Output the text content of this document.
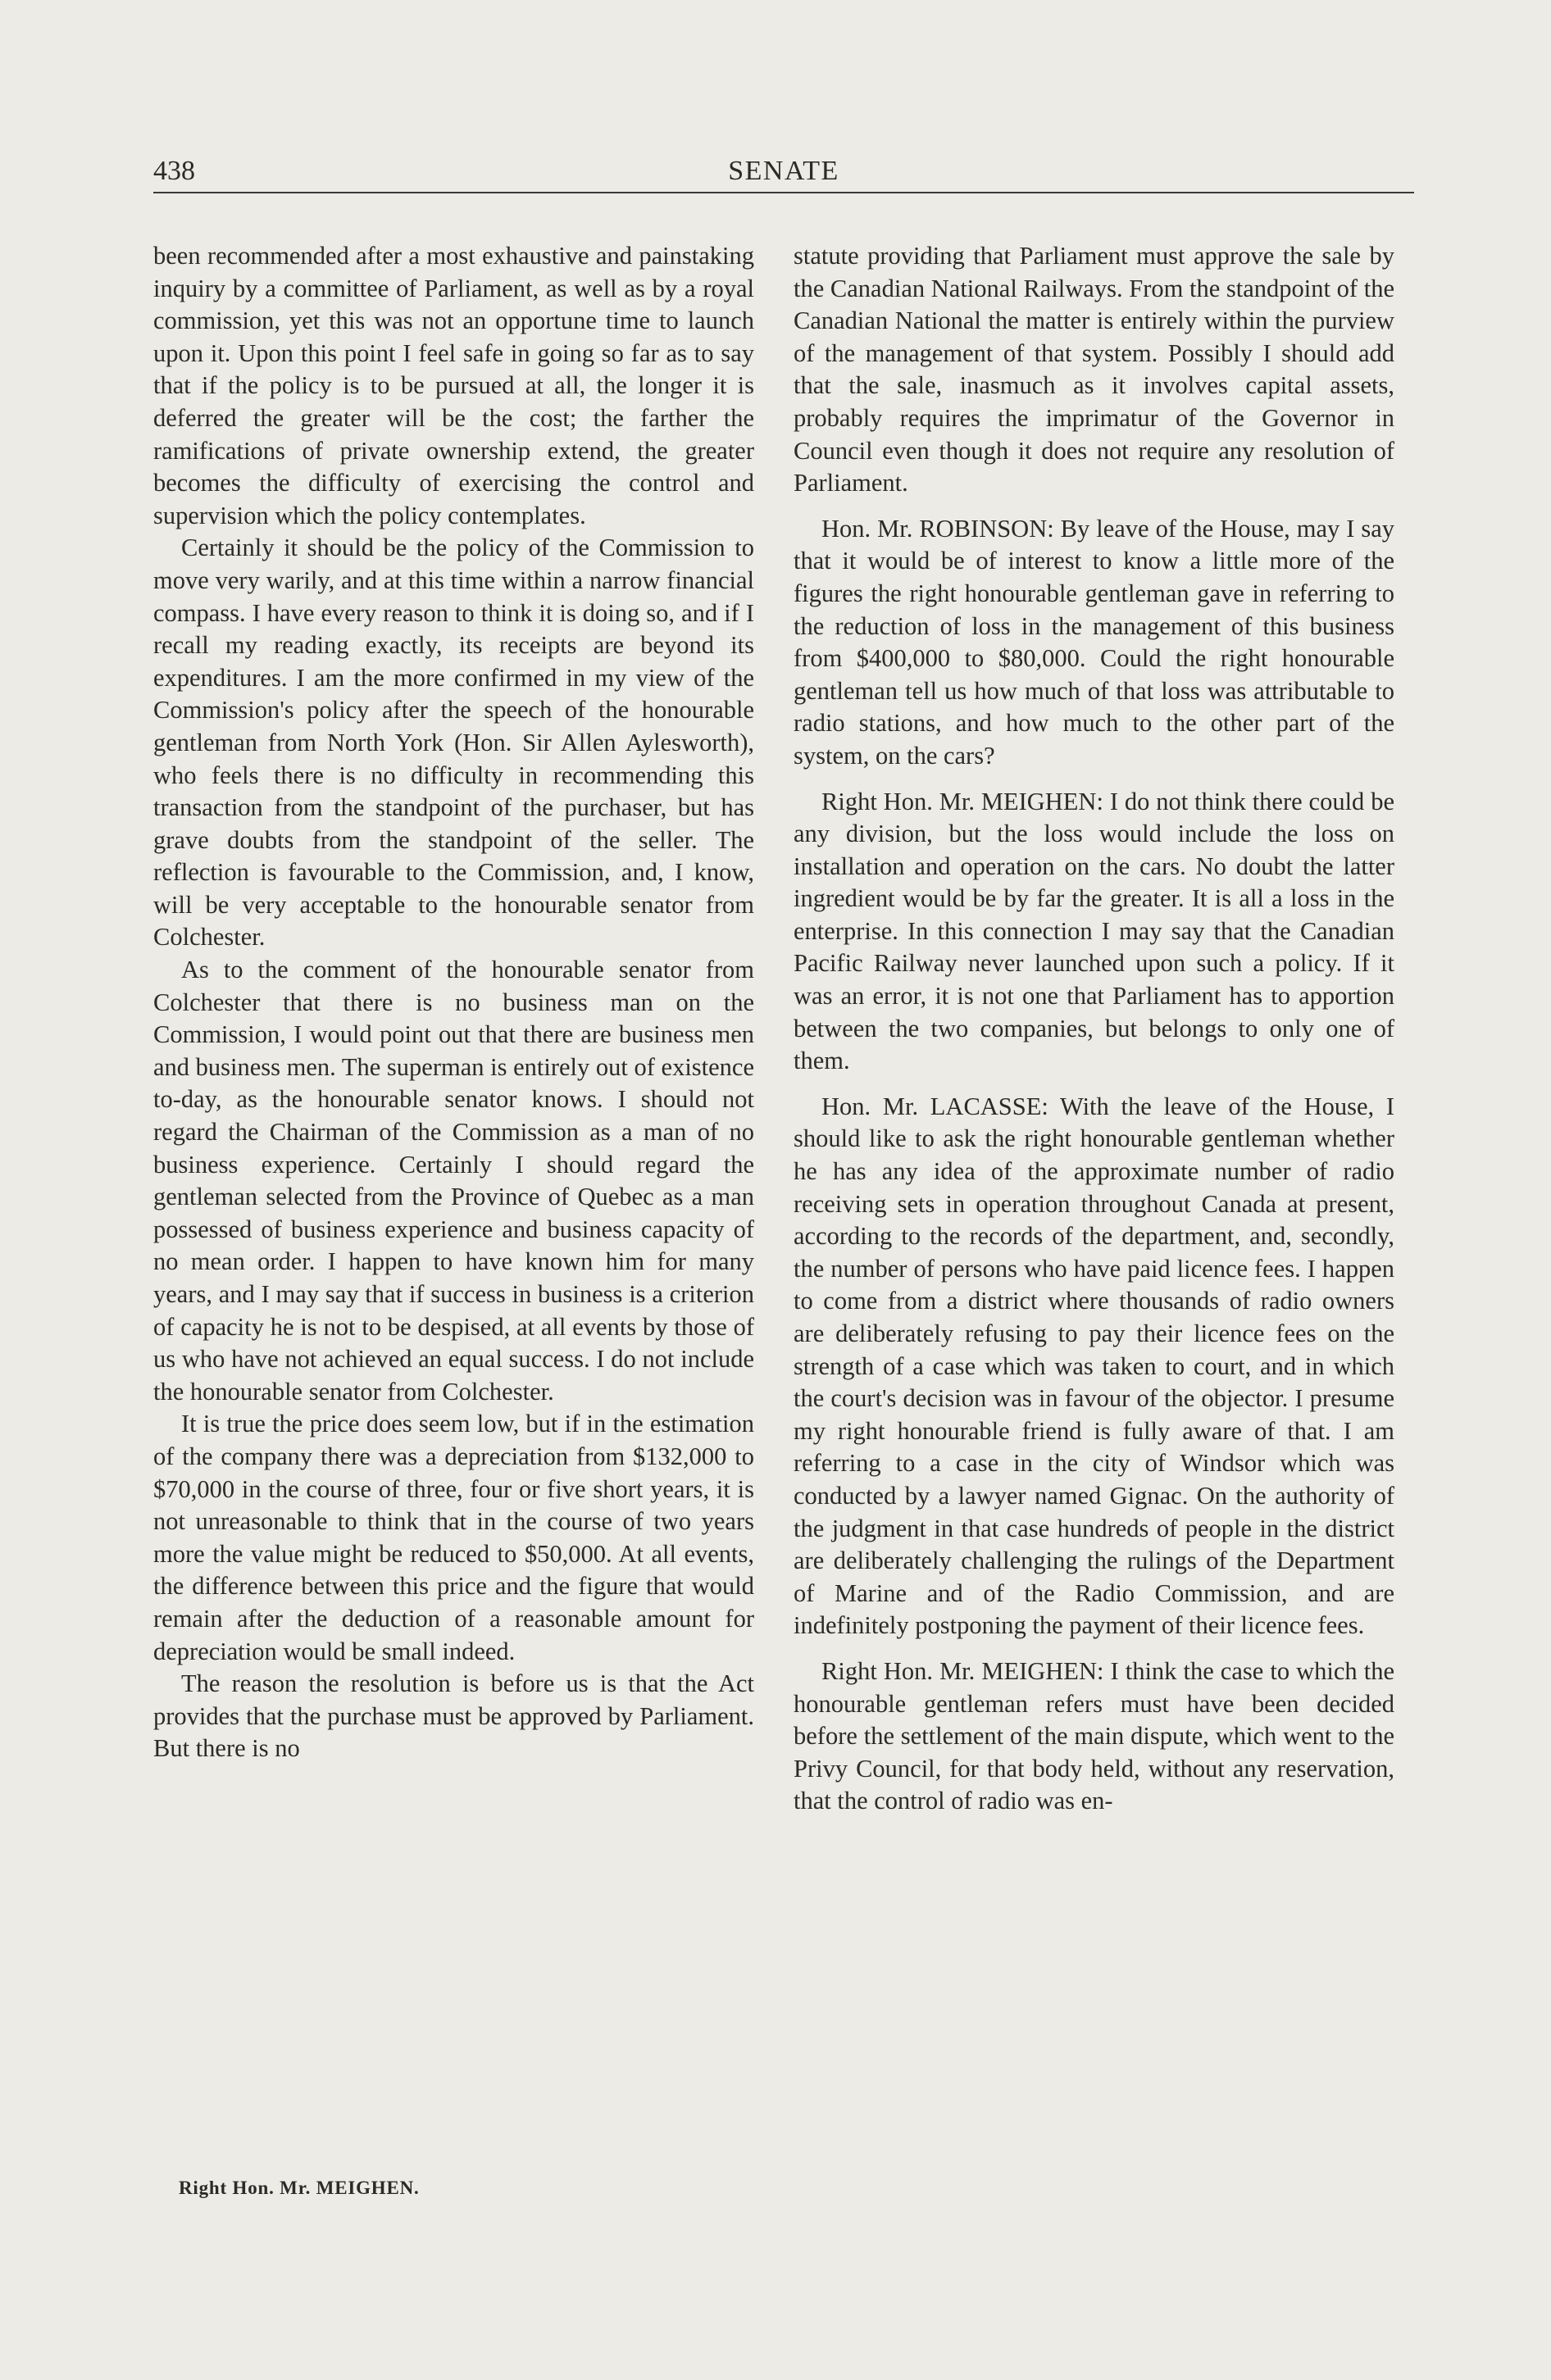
438	SENATE

been recommended after a most exhaustive and painstaking inquiry by a committee of Parliament, as well as by a royal commission, yet this was not an opportune time to launch upon it. Upon this point I feel safe in going so far as to say that if the policy is to be pursued at all, the longer it is deferred the greater will be the cost; the farther the ramifications of private ownership extend, the greater becomes the difficulty of exercising the control and supervision which the policy contemplates.

Certainly it should be the policy of the Commission to move very warily, and at this time within a narrow financial compass. I have every reason to think it is doing so, and if I recall my reading exactly, its receipts are beyond its expenditures. I am the more confirmed in my view of the Commission's policy after the speech of the honourable gentleman from North York (Hon. Sir Allen Aylesworth), who feels there is no difficulty in recommending this transaction from the standpoint of the purchaser, but has grave doubts from the standpoint of the seller. The reflection is favourable to the Commission, and, I know, will be very acceptable to the honourable senator from Colchester.

As to the comment of the honourable senator from Colchester that there is no business man on the Commission, I would point out that there are business men and business men. The superman is entirely out of existence to-day, as the honourable senator knows. I should not regard the Chairman of the Commission as a man of no business experience. Certainly I should regard the gentleman selected from the Province of Quebec as a man possessed of business experience and business capacity of no mean order. I happen to have known him for many years, and I may say that if success in business is a criterion of capacity he is not to be despised, at all events by those of us who have not achieved an equal success. I do not include the honourable senator from Colchester.

It is true the price does seem low, but if in the estimation of the company there was a depreciation from $132,000 to $70,000 in the course of three, four or five short years, it is not unreasonable to think that in the course of two years more the value might be reduced to $50,000. At all events, the difference between this price and the figure that would remain after the deduction of a reasonable amount for depreciation would be small indeed.

The reason the resolution is before us is that the Act provides that the purchase must be approved by Parliament. But there is no

statute providing that Parliament must approve the sale by the Canadian National Railways. From the standpoint of the Canadian National the matter is entirely within the purview of the management of that system. Possibly I should add that the sale, inasmuch as it involves capital assets, probably requires the imprimatur of the Governor in Council even though it does not require any resolution of Parliament.

Hon. Mr. ROBINSON: By leave of the House, may I say that it would be of interest to know a little more of the figures the right honourable gentleman gave in referring to the reduction of loss in the management of this business from $400,000 to $80,000. Could the right honourable gentleman tell us how much of that loss was attributable to radio stations, and how much to the other part of the system, on the cars?

Right Hon. Mr. MEIGHEN: I do not think there could be any division, but the loss would include the loss on installation and operation on the cars. No doubt the latter ingredient would be by far the greater. It is all a loss in the enterprise. In this connection I may say that the Canadian Pacific Railway never launched upon such a policy. If it was an error, it is not one that Parliament has to apportion between the two companies, but belongs to only one of them.

Hon. Mr. LACASSE: With the leave of the House, I should like to ask the right honourable gentleman whether he has any idea of the approximate number of radio receiving sets in operation throughout Canada at present, according to the records of the department, and, secondly, the number of persons who have paid licence fees. I happen to come from a district where thousands of radio owners are deliberately refusing to pay their licence fees on the strength of a case which was taken to court, and in which the court's decision was in favour of the objector. I presume my right honourable friend is fully aware of that. I am referring to a case in the city of Windsor which was conducted by a lawyer named Gignac. On the authority of the judgment in that case hundreds of people in the district are deliberately challenging the rulings of the Department of Marine and of the Radio Commission, and are indefinitely postponing the payment of their licence fees.

Right Hon. Mr. MEIGHEN: I think the case to which the honourable gentleman refers must have been decided before the settlement of the main dispute, which went to the Privy Council, for that body held, without any reservation, that the control of radio was en-

Right Hon. Mr. MEIGHEN.
